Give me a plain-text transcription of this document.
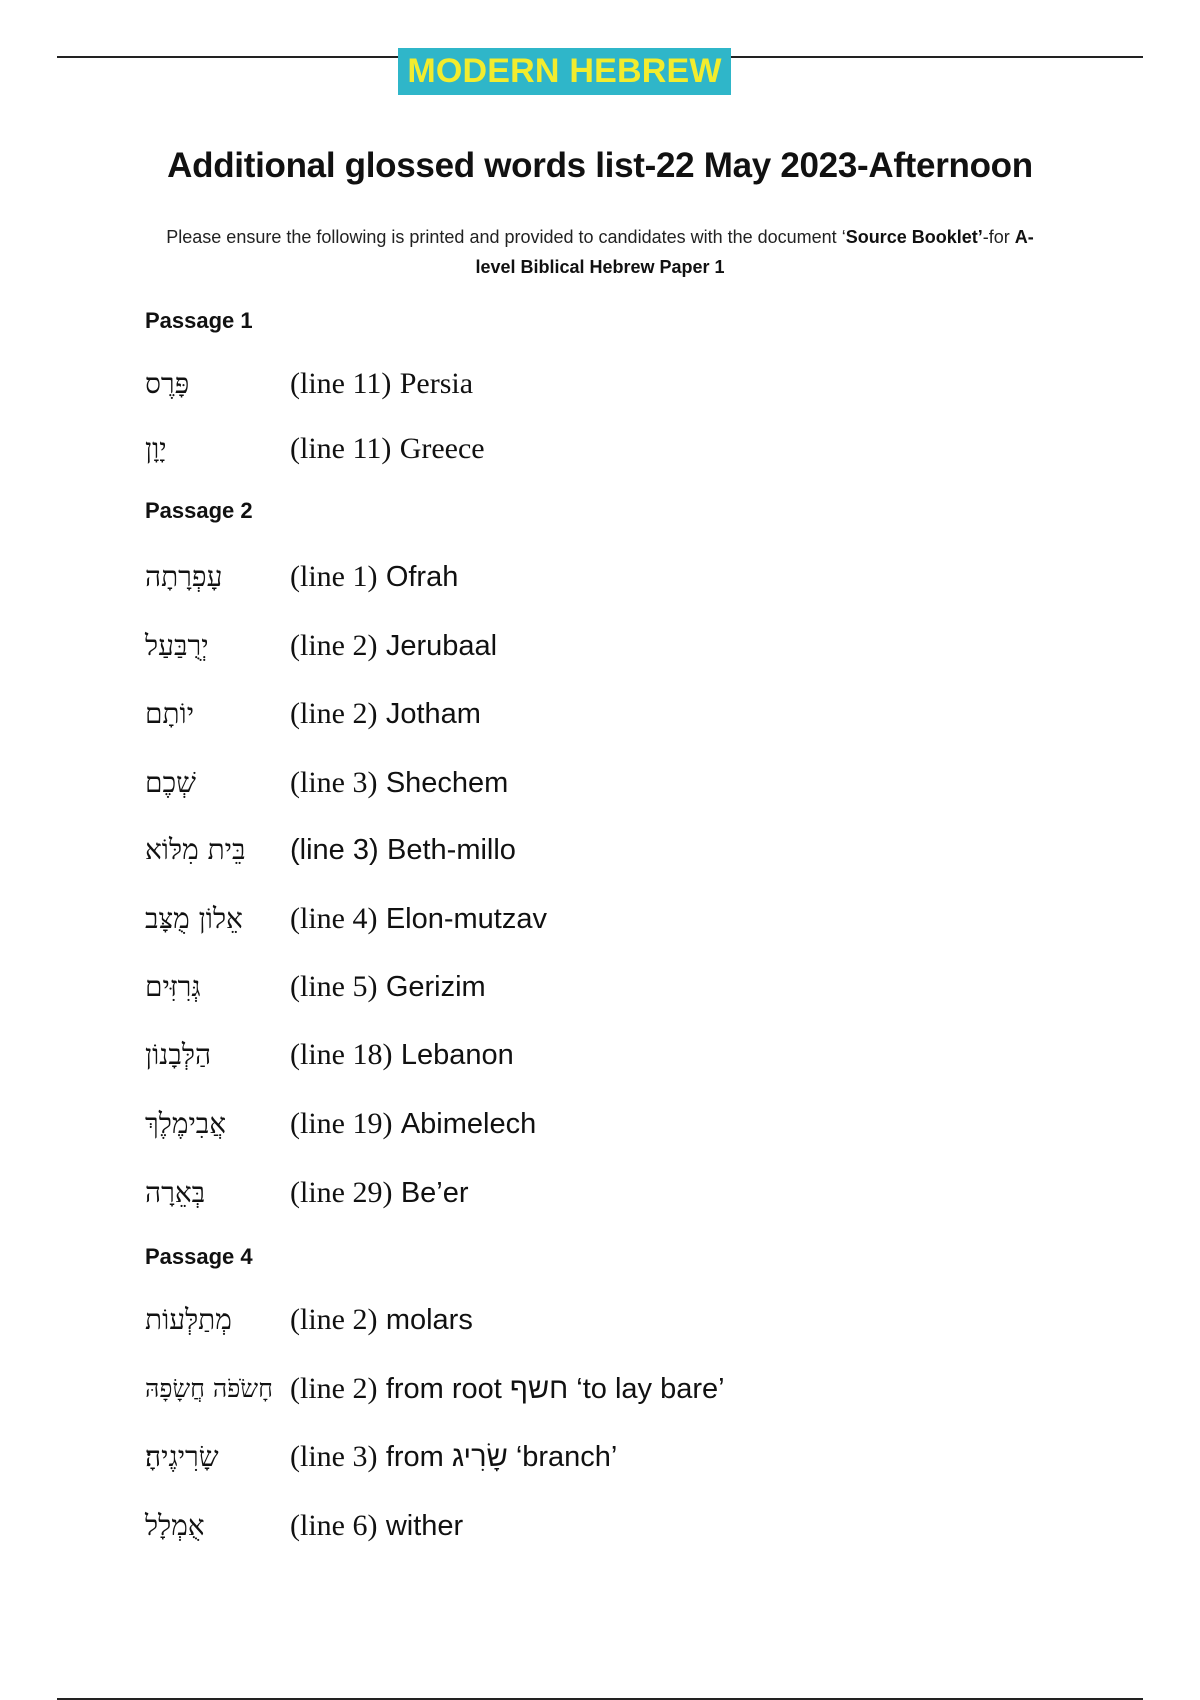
MODERN HEBREW
Additional glossed words list-22 May 2023-Afternoon
Please ensure the following is printed and provided to candidates with the document ‘Source Booklet’-for A-level Biblical Hebrew Paper 1
Passage 1
פָּרֶס	(line 11) Persia
יָוָן	(line 11) Greece
Passage 2
עָפְרָתָה	(line 1) Ofrah
יְרֻבַּעַל	(line 2) Jerubaal
יוֹתָם	(line 2) Jotham
שְׁכֶם	(line 3) Shechem
בֵּית מִלּוֹא	(line 3) Beth-millo
אֵלוֹן מֻצָּב	(line 4) Elon-mutzav
גְּרִזִּים	(line 5) Gerizim
הַלְּבָנוֹן	(line 18) Lebanon
אֲבִימֶלֶךְ	(line 19) Abimelech
בְּאֵרָה	(line 29) Be’er
Passage 4
מְתַלְּעוֹת	(line 2) molars
חָשֹׂפֹה חֲשָׂפָהּ (line 2) from root חשף ‘to lay bare’
שָׂרִיגֶיהָ׃	(line 3) from שָׂרִיג ‘branch’
אֻמְלָל	(line 6) wither
